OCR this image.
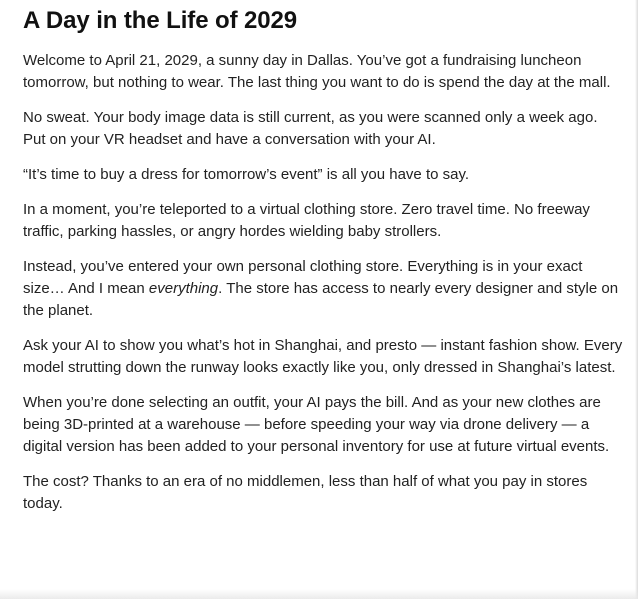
A Day in the Life of 2029

Welcome to April 21, 2029, a sunny day in Dallas. You’ve got a fundraising luncheon tomorrow, but nothing to wear. The last thing you want to do is spend the day at the mall.

No sweat. Your body image data is still current, as you were scanned only a week ago. Put on your VR headset and have a conversation with your AI.

“It’s time to buy a dress for tomorrow’s event” is all you have to say.

In a moment, you’re teleported to a virtual clothing store. Zero travel time. No freeway traffic, parking hassles, or angry hordes wielding baby strollers.

Instead, you’ve entered your own personal clothing store. Everything is in your exact size… And I mean everything. The store has access to nearly every designer and style on the planet.

Ask your AI to show you what’s hot in Shanghai, and presto — instant fashion show. Every model strutting down the runway looks exactly like you, only dressed in Shanghai’s latest.

When you’re done selecting an outfit, your AI pays the bill. And as your new clothes are being 3D-printed at a warehouse — before speeding your way via drone delivery — a digital version has been added to your personal inventory for use at future virtual events.

The cost? Thanks to an era of no middlemen, less than half of what you pay in stores today.
